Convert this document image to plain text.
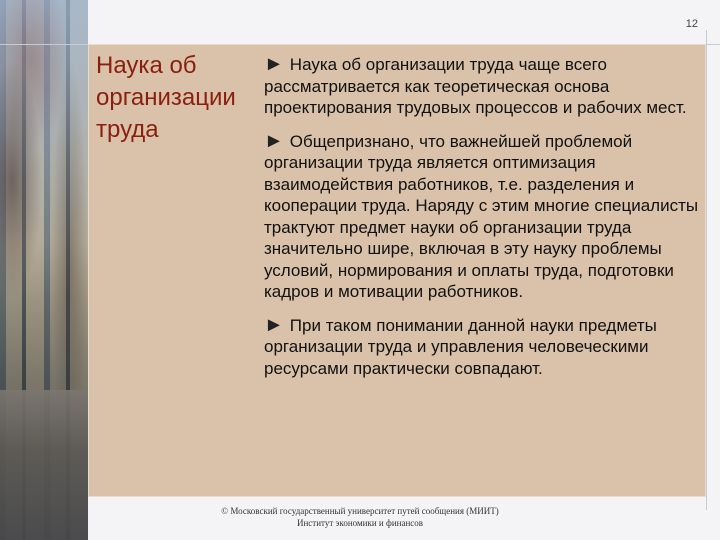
12
Наука об
организации
труда
► Наука об организации труда чаще всего рассматривается как теоретическая основа проектирования трудовых процессов и рабочих мест.
► Общепризнано, что важнейшей проблемой организации труда является оптимизация взаимодействия работников, т.е. разделения и кооперации труда. Наряду с этим многие специалисты трактуют предмет науки об организации труда значительно шире, включая в эту науку проблемы условий, нормирования и оплаты труда, подготовки кадров и мотивации работников.
► При таком понимании данной науки предметы организации труда и управления человеческими ресурсами практически совпадают.
© Московский государственный университет путей сообщения (МИИТ)
Институт экономики и финансов
